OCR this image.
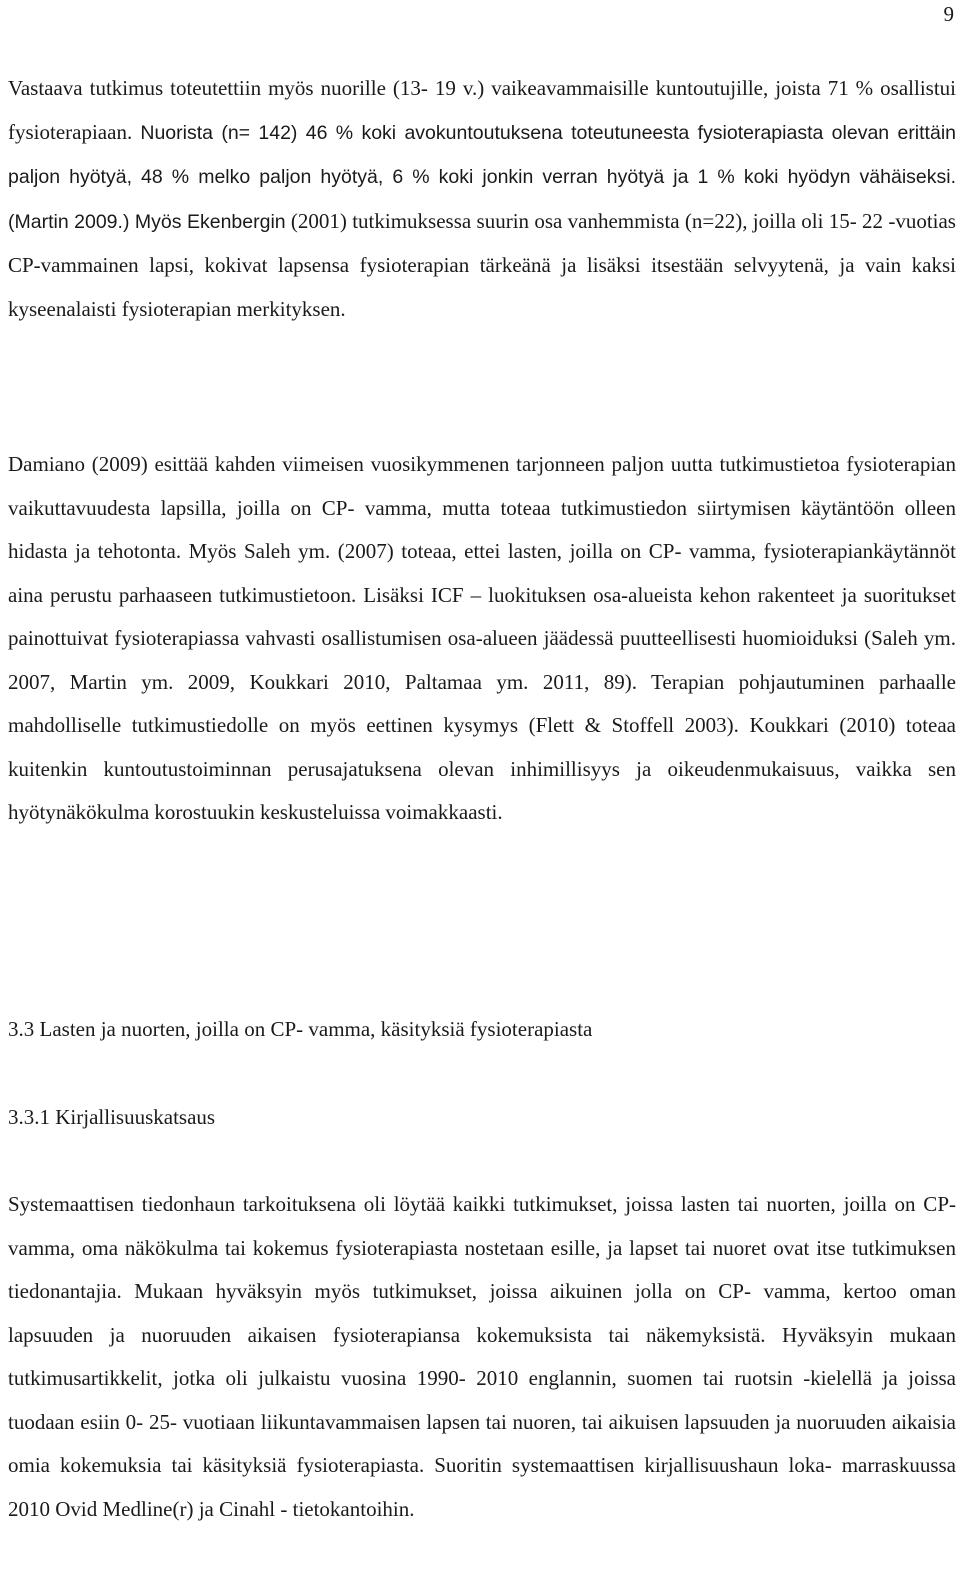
9

Vastaava tutkimus toteutettiin myös nuorille (13- 19 v.) vaikeavammaisille kuntoutujille, joista 71 % osallistui fysioterapiaan. Nuorista (n= 142) 46 % koki avokuntoutuksena toteutuneesta fysioterapiasta olevan erittäin paljon hyötyä, 48 % melko paljon hyötyä, 6 % koki jonkin verran hyötyä ja 1 % koki hyödyn vähäiseksi. (Martin 2009.) Myös Ekenbergin (2001) tutkimuksessa suurin osa vanhemmista (n=22), joilla oli 15- 22 -vuotias CP-vammainen lapsi, kokivat lapsensa fysioterapian tärkeänä ja lisäksi itsestään selvyytenä, ja vain kaksi kyseenalaisti fysioterapian merkityksen.

Damiano (2009) esittää kahden viimeisen vuosikymmenen tarjonneen paljon uutta tutkimustietoa fysioterapian vaikuttavuudesta lapsilla, joilla on CP- vamma, mutta toteaa tutkimustiedon siirtymisen käytäntöön olleen hidasta ja tehotonta. Myös Saleh ym. (2007) toteaa, ettei lasten, joilla on CP- vamma, fysioterapiankäytännöt aina perustu parhaaseen tutkimustietoon. Lisäksi ICF – luokituksen osa-alueista kehon rakenteet ja suoritukset painottuivat fysioterapiassa vahvasti osallistumisen osa-alueen jäädessä puutteellisesti huomioiduksi (Saleh ym. 2007, Martin ym. 2009, Koukkari 2010, Paltamaa ym. 2011, 89). Terapian pohjautuminen parhaalle mahdolliselle tutkimustiedolle on myös eettinen kysymys (Flett & Stoffell 2003). Koukkari (2010) toteaa kuitenkin kuntoutustoiminnan perusajatuksena olevan inhimillisyys ja oikeudenmukaisuus, vaikka sen hyötynäkökulma korostuukin keskusteluissa voimakkaasti.

3.3 Lasten ja nuorten, joilla on CP- vamma, käsityksiä fysioterapiasta
3.3.1 Kirjallisuuskatsaus

Systemaattisen tiedonhaun tarkoituksena oli löytää kaikki tutkimukset, joissa lasten tai nuorten, joilla on CP- vamma, oma näkökulma tai kokemus fysioterapiasta nostetaan esille, ja lapset tai nuoret ovat itse tutkimuksen tiedonantajia. Mukaan hyväksyin myös tutkimukset, joissa aikuinen jolla on CP- vamma, kertoo oman lapsuuden ja nuoruuden aikaisen fysioterapiansa kokemuksista tai näkemyksistä. Hyväksyin mukaan tutkimusartikkelit, jotka oli julkaistu vuosina 1990- 2010 englannin, suomen tai ruotsin -kielellä ja joissa tuodaan esiin 0- 25- vuotiaan liikuntavammaisen lapsen tai nuoren, tai aikuisen lapsuuden ja nuoruuden aikaisia omia kokemuksia tai käsityksiä fysioterapiasta. Suoritin systemaattisen kirjallisuushaun loka- marraskuussa 2010 Ovid Medline(r) ja Cinahl - tietokantoihin.
